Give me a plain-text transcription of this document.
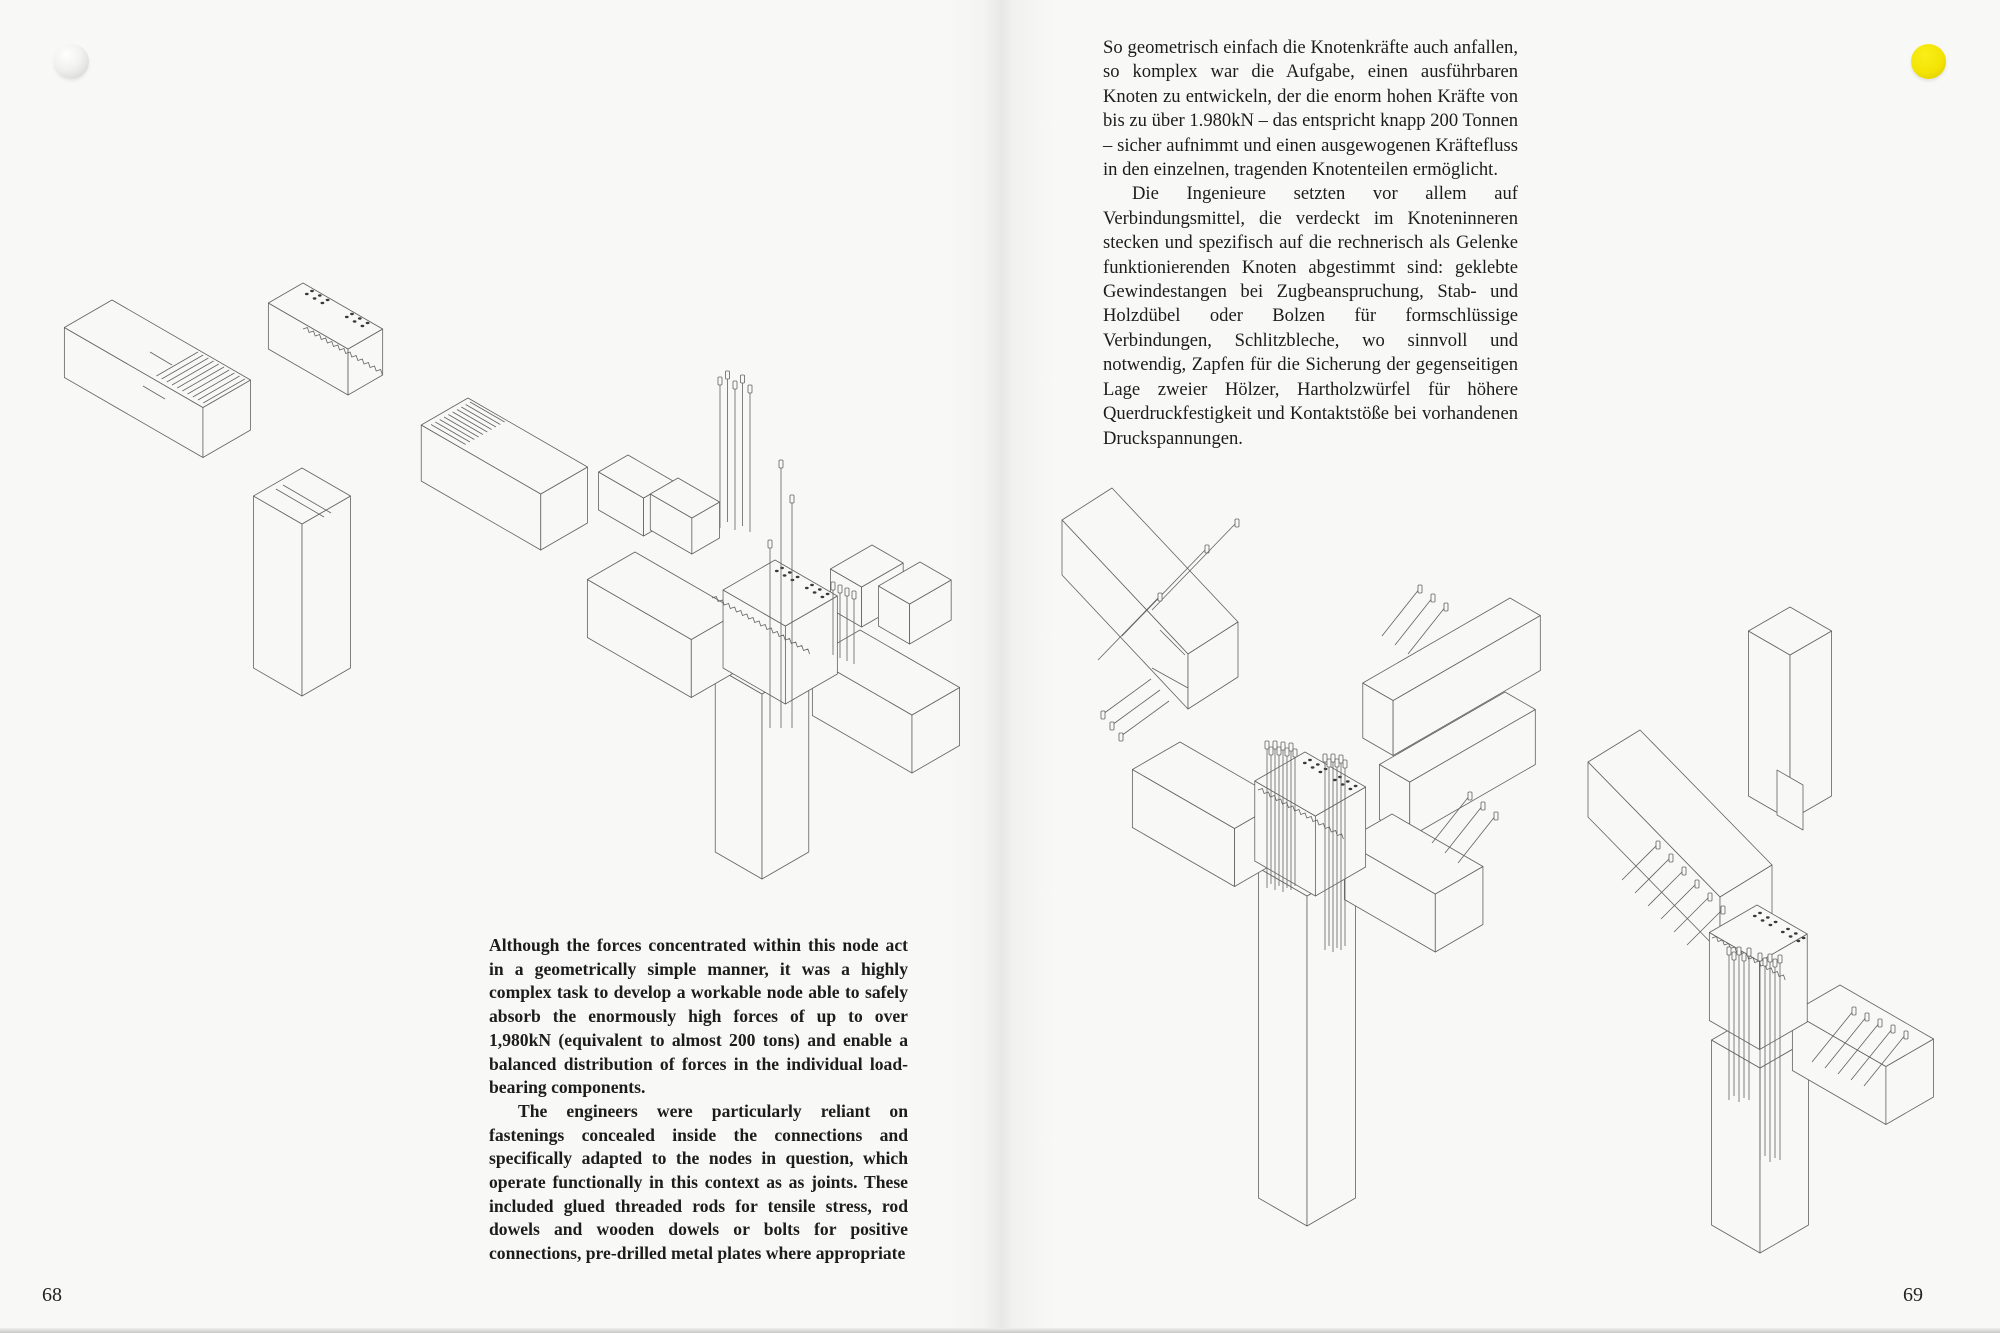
Although the forces concentrated within this node act in a geometrically simple manner, it was a highly complex task to develop a workable node able to safely absorb the enormously high forces of up to over 1,980kN (equivalent to almost 200 tons) and enable a balanced distribution of forces in the individual load-bearing components.

The engineers were particularly reliant on fastenings concealed inside the connections and specifically adapted to the nodes in question, which operate functionally in this context as as joints. These included glued threaded rods for tensile stress, rod dowels and wooden dowels or bolts for positive connections, pre-drilled metal plates where appropriate

So geometrisch einfach die Knotenkräfte auch anfallen, so komplex war die Aufgabe, einen ausführbaren Knoten zu entwickeln, der die enorm hohen Kräfte von bis zu über 1.980kN – das entspricht knapp 200 Tonnen – sicher aufnimmt und einen ausgewogenen Kräftefluss in den einzelnen, tragenden Knotenteilen ermöglicht.

Die Ingenieure setzten vor allem auf Verbindungsmittel, die verdeckt im Knoteninneren stecken und spezifisch auf die rechnerisch als Gelenke funktionierenden Knoten abgestimmt sind: geklebte Gewindestangen bei Zugbeanspruchung, Stab- und Holzdübel oder Bolzen für formschlüssige Verbindungen, Schlitzbleche, wo sinnvoll und notwendig, Zapfen für die Sicherung der gegenseitigen Lage zweier Hölzer, Hartholzwürfel für höhere Querdruckfestigkeit und Kontaktstöße bei vorhandenen Druckspannungen.

68	69
